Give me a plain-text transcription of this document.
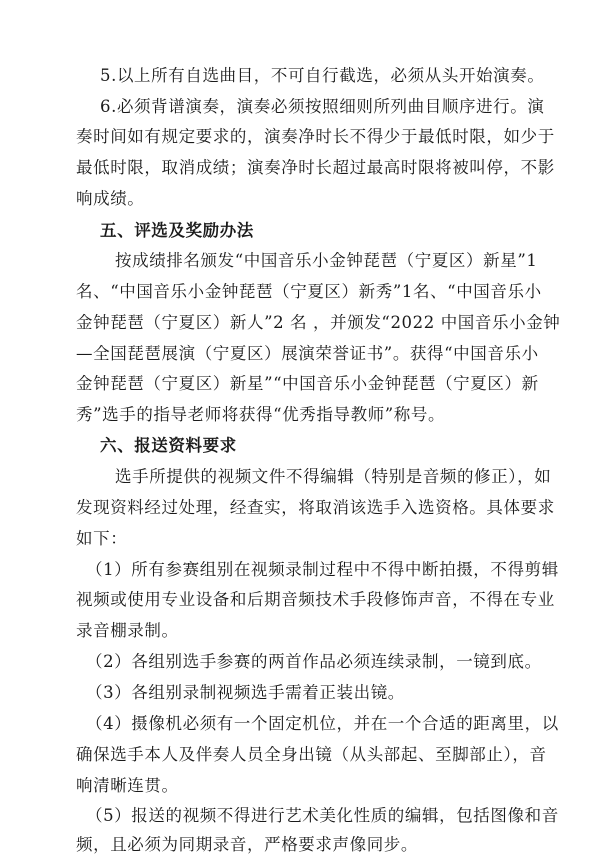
5.以上所有自选曲目，不可自行截选，必须从头开始演奏。
6.必须背谱演奏，演奏必须按照细则所列曲目顺序进行。演
奏时间如有规定要求的，演奏净时长不得少于最低时限，如少于
最低时限，取消成绩；演奏净时长超过最高时限将被叫停，不影
响成绩。
五、评选及奖励办法
按成绩排名颁发“中国音乐小金钟琵琶（宁夏区）新星”1
名、“中国音乐小金钟琵琶（宁夏区）新秀”1名、“中国音乐小
金钟琵琶（宁夏区）新人”2 名 ，并颁发“2022 中国音乐小金钟
—全国琵琶展演（宁夏区）展演荣誉证书”。获得“中国音乐小
金钟琵琶（宁夏区）新星”“中国音乐小金钟琵琶（宁夏区）新
秀”选手的指导老师将获得“优秀指导教师”称号。
六、报送资料要求
选手所提供的视频文件不得编辑（特别是音频的修正），如
发现资料经过处理，经查实，将取消该选手入选资格。具体要求
如下：
（1）所有参赛组别在视频录制过程中不得中断拍摄，不得剪辑
视频或使用专业设备和后期音频技术手段修饰声音，不得在专业
录音棚录制。
（2）各组别选手参赛的两首作品必须连续录制，一镜到底。
（3）各组别录制视频选手需着正装出镜。
（4）摄像机必须有一个固定机位，并在一个合适的距离里，以
确保选手本人及伴奏人员全身出镜（从头部起、至脚部止），音
响清晰连贯。
（5）报送的视频不得进行艺术美化性质的编辑，包括图像和音
频，且必须为同期录音，严格要求声像同步。
